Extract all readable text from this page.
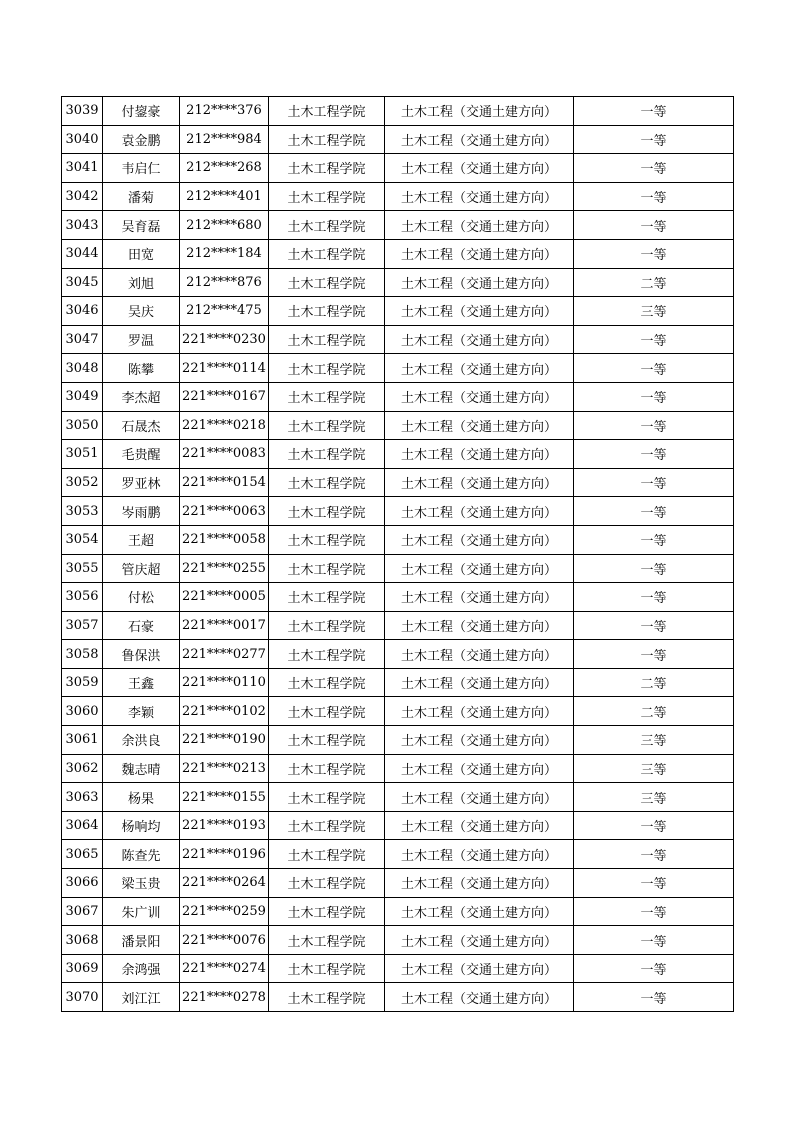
3039	付鋆豪	212****376	土木工程学院	土木工程（交通土建方向）	一等
3040	袁金鹏	212****984	土木工程学院	土木工程（交通土建方向）	一等
3041	韦启仁	212****268	土木工程学院	土木工程（交通土建方向）	一等
3042	潘菊	212****401	土木工程学院	土木工程（交通土建方向）	一等
3043	吴育磊	212****680	土木工程学院	土木工程（交通土建方向）	一等
3044	田宽	212****184	土木工程学院	土木工程（交通土建方向）	一等
3045	刘旭	212****876	土木工程学院	土木工程（交通土建方向）	二等
3046	吴庆	212****475	土木工程学院	土木工程（交通土建方向）	三等
3047	罗温	221****0230	土木工程学院	土木工程（交通土建方向）	一等
3048	陈攀	221****0114	土木工程学院	土木工程（交通土建方向）	一等
3049	李杰超	221****0167	土木工程学院	土木工程（交通土建方向）	一等
3050	石晟杰	221****0218	土木工程学院	土木工程（交通土建方向）	一等
3051	毛贵醒	221****0083	土木工程学院	土木工程（交通土建方向）	一等
3052	罗亚林	221****0154	土木工程学院	土木工程（交通土建方向）	一等
3053	岑雨鹏	221****0063	土木工程学院	土木工程（交通土建方向）	一等
3054	王超	221****0058	土木工程学院	土木工程（交通土建方向）	一等
3055	管庆超	221****0255	土木工程学院	土木工程（交通土建方向）	一等
3056	付松	221****0005	土木工程学院	土木工程（交通土建方向）	一等
3057	石豪	221****0017	土木工程学院	土木工程（交通土建方向）	一等
3058	鲁保洪	221****0277	土木工程学院	土木工程（交通土建方向）	一等
3059	王鑫	221****0110	土木工程学院	土木工程（交通土建方向）	二等
3060	李颖	221****0102	土木工程学院	土木工程（交通土建方向）	二等
3061	余洪良	221****0190	土木工程学院	土木工程（交通土建方向）	三等
3062	魏志晴	221****0213	土木工程学院	土木工程（交通土建方向）	三等
3063	杨果	221****0155	土木工程学院	土木工程（交通土建方向）	三等
3064	杨响均	221****0193	土木工程学院	土木工程（交通土建方向）	一等
3065	陈查先	221****0196	土木工程学院	土木工程（交通土建方向）	一等
3066	梁玉贵	221****0264	土木工程学院	土木工程（交通土建方向）	一等
3067	朱广训	221****0259	土木工程学院	土木工程（交通土建方向）	一等
3068	潘景阳	221****0076	土木工程学院	土木工程（交通土建方向）	一等
3069	余鸿强	221****0274	土木工程学院	土木工程（交通土建方向）	一等
3070	刘江江	221****0278	土木工程学院	土木工程（交通土建方向）	一等
